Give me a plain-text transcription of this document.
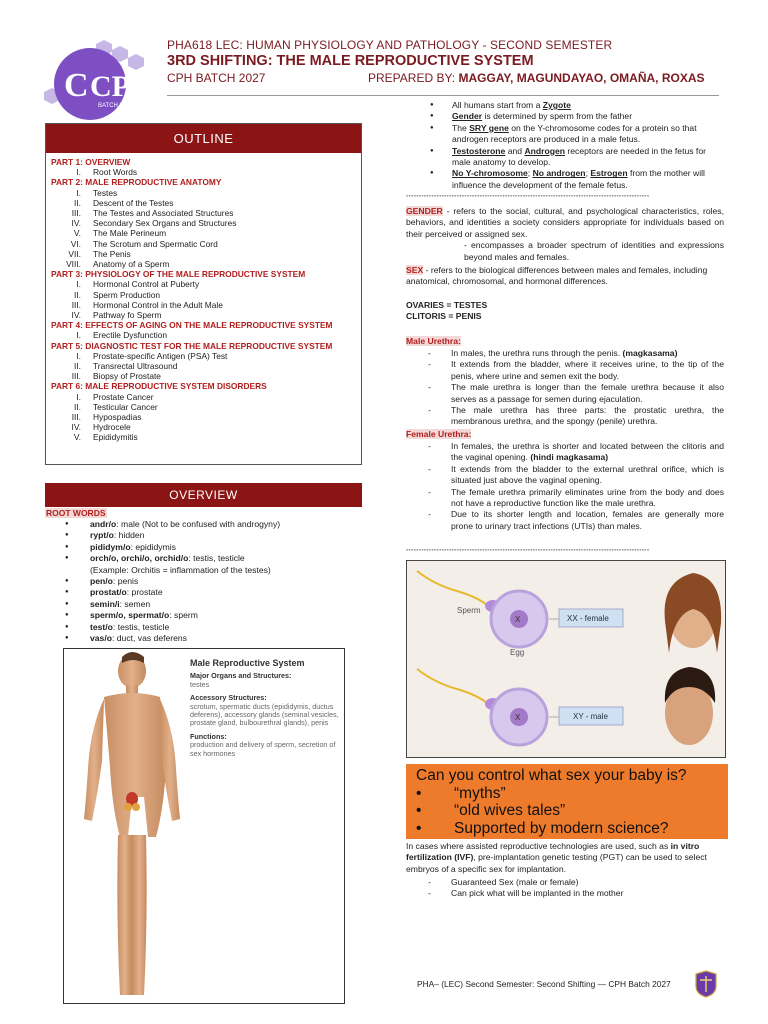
C CPH
BATCH 2027
PHA618 LEC: HUMAN PHYSIOLOGY AND PATHOLOGY - SECOND SEMESTER
3RD SHIFTING: THE MALE REPRODUCTIVE SYSTEM
CPH BATCH 2027	PREPARED BY: MAGGAY, MAGUNDAYAO, OMAÑA, ROXAS
OUTLINE
PART 1: OVERVIEW
I.	Root Words
PART 2: MALE REPRODUCTIVE ANATOMY
I.	Testes
II.	Descent of the Testes
III.	The Testes and Associated Structures
IV.	Secondary Sex Organs and Structures
V.	The Male Perineum
VI.	The Scrotum and Spermatic Cord
VII.	The Penis
VIII.	Anatomy of a Sperm
PART 3: PHYSIOLOGY OF THE MALE REPRODUCTIVE SYSTEM
I.	Hormonal Control at Puberty
II.	Sperm Production
III.	Hormonal Control in the Adult Male
IV.	Pathway fo Sperm
PART 4: EFFECTS OF AGING ON THE MALE REPRODUCTIVE SYSTEM
I.	Erectile Dysfunction
PART 5: DIAGNOSTIC TEST FOR THE MALE REPRODUCTIVE SYSTEM
I.	Prostate-specific Antigen (PSA) Test
II.	Transrectal Ultrasound
III.	Biopsy of Prostate
PART 6: MALE REPRODUCTIVE SYSTEM DISORDERS
I.	Prostate Cancer
II.	Testicular Cancer
III.	Hypospadias
IV.	Hydrocele
V.	Epididymitis
OVERVIEW
ROOT WORDS
● andr/o: male (Not to be confused with androgyny)
● rypt/o: hidden
● pididym/o: epididymis
● orch/o, orchi/o, orchid/o: testis, testicle
(Example: Orchitis = inflammation of the testes)
● pen/o: penis
● prostat/o: prostate
● semin/i: semen
● sperm/o, spermat/o: sperm
● test/o: testis, testicle
● vas/o: duct, vas deferens
Male Reproductive System
Major Organs and Structures:

testes

Accessory Structures:

scrotum, spermatic ducts (epididymis, ductus deferens), accessory glands (seminal vesicles, prostate gland, bulbourethral glands), penis

Functions:

production and delivery of sperm, secretion of sex hormones

● All humans start from a Zygote
● Gender is determined by sperm from the father
● The SRY gene on the Y-chromosome codes for a protein so that androgen receptors are produced in a male fetus.
● Testosterone and Androgen receptors are needed in the fetus for male anatomy to develop.
● No Y-chromosome; No androgen; Estrogen from the mother will influence the development of the female fetus.
************************************************************************************************
GENDER - refers to the social, cultural, and psychological characteristics, roles, behaviors, and identities a society considers appropriate for individuals based on their perceived or assigned sex.
- encompasses a broader spectrum of identities and expressions beyond males and females.
SEX - refers to the biological differences between males and females, including anatomical, chromosomal, and hormonal differences.
OVARIES = TESTES
CLITORIS = PENIS
Male Urethra:
- In males, the urethra runs through the penis. (magkasama)
- It extends from the bladder, where it receives urine, to the tip of the penis, where urine and semen exit the body.
- The male urethra is longer than the female urethra because it also serves as a passage for semen during ejaculation.
- The male urethra has three parts: the prostatic urethra, the membranous urethra, and the spongy (penile) urethra.
Female Urethra:
- In females, the urethra is shorter and located between the clitoris and the vaginal opening. (hindi magkasama)
- It extends from the bladder to the external urethral orifice, which is situated just above the vaginal opening.
- The female urethra primarily eliminates urine from the body and does not have a reproductive function like the male urethra.
- Due to its shorter length and location, females are generally more prone to urinary tract infections (UTIs) than males.
************************************************************************************************
Sperm
X
Egg
XX - female
X	XY - male
Can you control what sex your baby is?
• “myths”
• “old wives tales”
• Supported by modern science?
In cases where assisted reproductive technologies are used, such as in vitro fertilization (IVF), pre-implantation genetic testing (PGT) can be used to select embryos of a specific sex for implantation.
- Guaranteed Sex (male or female)
- Can pick what will be implanted in the mother
PHA– (LEC) Second Semester: Second Shifting — CPH Batch 2027
